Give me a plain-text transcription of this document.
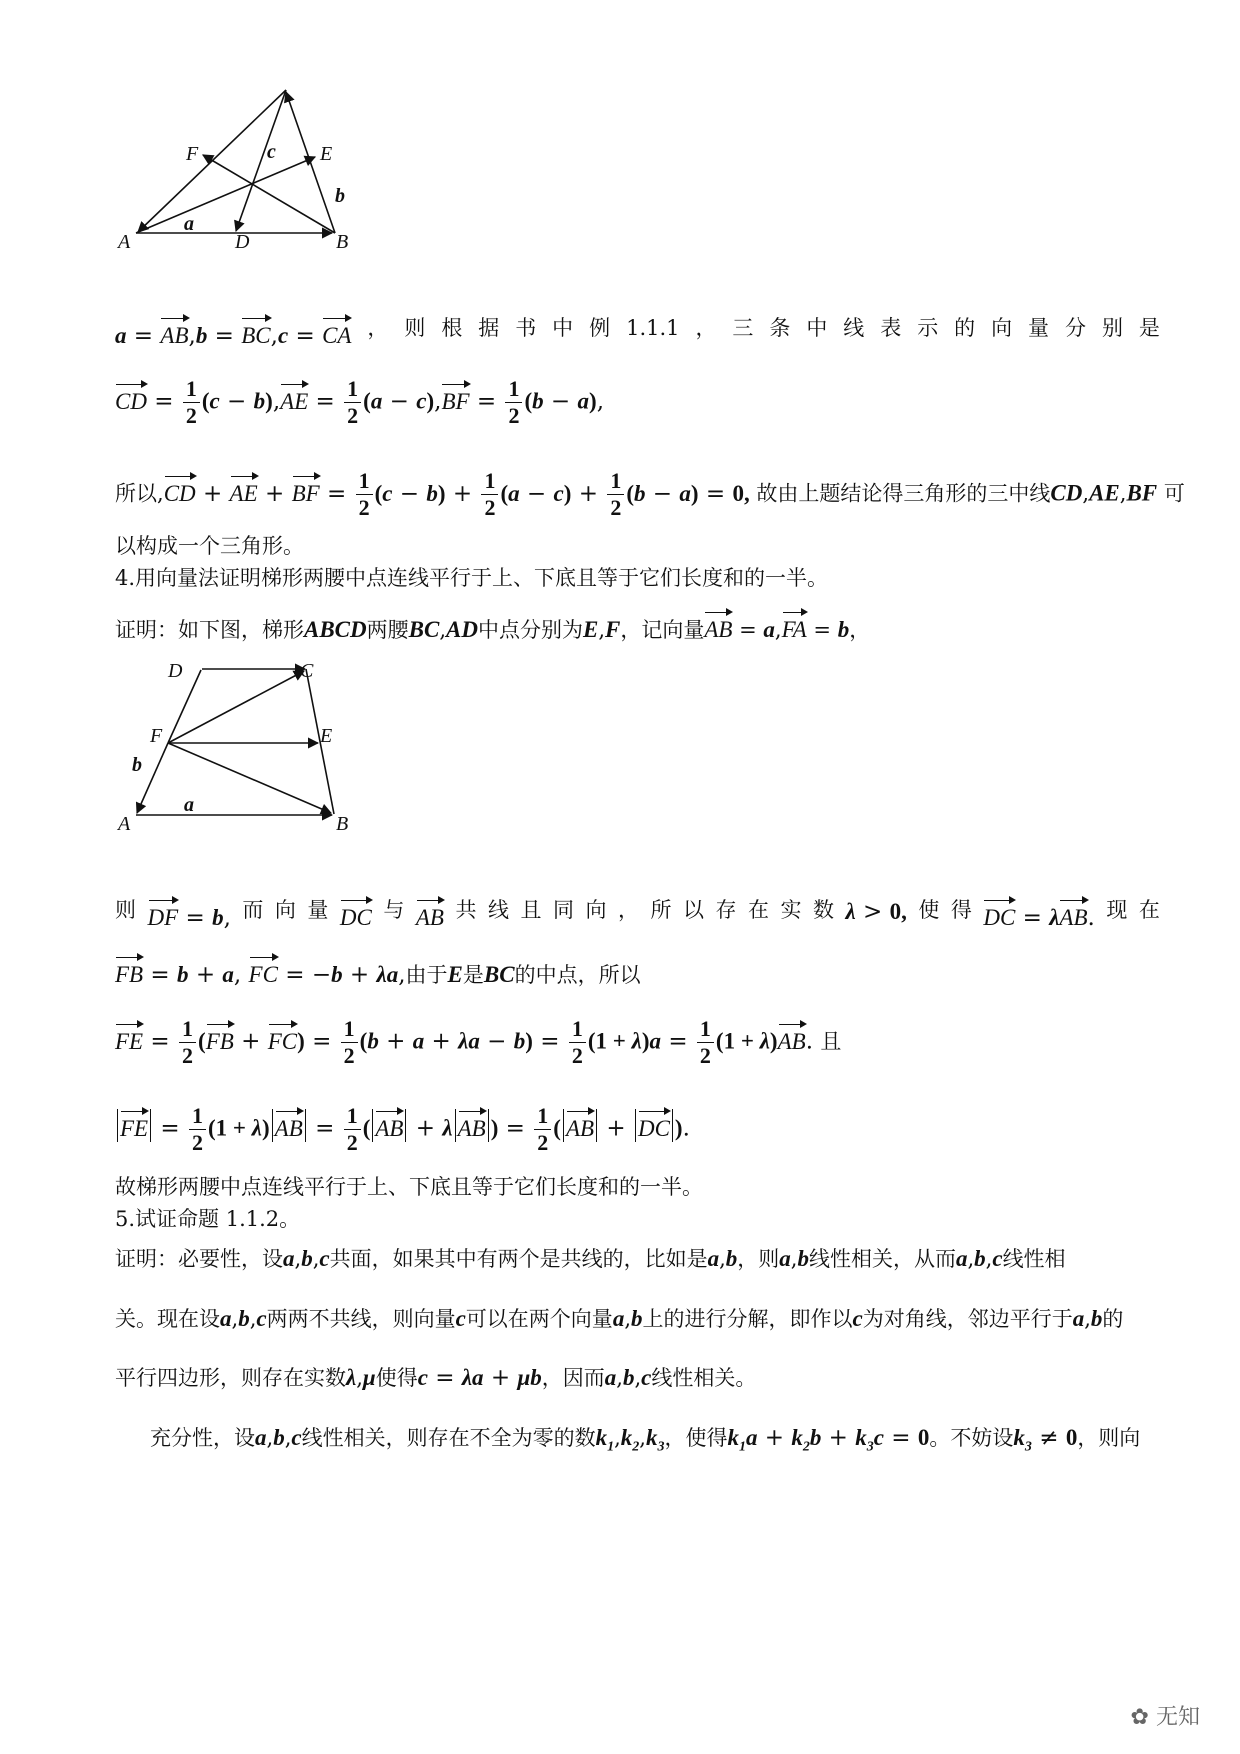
A	B
D
E
F
a
b
c
a = AB,b = BC,c = CA ， 则 根 据 书 中 例 1.1.1 ， 三 条 中 线 表 示 的 向 量 分 别 是
CD = $\frac{1}{2} (c - b),AE = \frac{1}{2} (a - c),BF = \frac{1}{2} (b - a)$,
所以,CD + AE + BF = $\frac{1}{2} (c - b) + \frac{1}{2} (a - c) + \frac{1}{2} (b - a) = 0$, 故由上题结论得三角形的三中线CD,AE,BF 可
以构成一个三角形。
4.用向量法证明梯形两腰中点连线平行于上、下底且等于它们长度和的一半。
证明：如下图，梯形ABCD两腰BC,AD中点分别为E,F，记向量AB = a,FA = b，
A	B
C
D
E
F
a
b
则 DF = b, 而 向 量 DC 与 AB 共 线 且 同 向 ， 所 以 存 在 实 数 λ > 0, 使 得 DC = λAB. 现 在
FB = b + a, FC = −b + λa,由于E是BC的中点，所以
FE = $\frac{1}{2} (FB + FC) = \frac{1}{2} (b + a + \lambda a - b) = \frac{1}{2} (1 + \lambda)a = \frac{1}{2} (1 + \lambda)AB$. 且
FE = $\frac{1}{2} (1 + \lambda)$ AB = $\frac{1}{2}$ ( AB + λ AB ) = $\frac{1}{2}$ ( AB + DC ).
故梯形两腰中点连线平行于上、下底且等于它们长度和的一半。
5.试证命题 1.1.2。
证明：必要性，设a,b,c共面，如果其中有两个是共线的，比如是a,b，则a,b线性相关，从而a,b,c线性相
关。现在设a,b,c两两不共线，则向量c可以在两个向量a,b上的进行分解，即作以c为对角线，邻边平行于a,b的
平行四边形，则存在实数λ,μ使得c = λa + μb，因而a,b,c线性相关。
充分性，设a,b,c线性相关，则存在不全为零的数$k_1,k_2,k_3$，使得$k_1a + k_2b + k_3c = 0$。不妨设$k_3 \ne 0$，则向
✿ 无知
